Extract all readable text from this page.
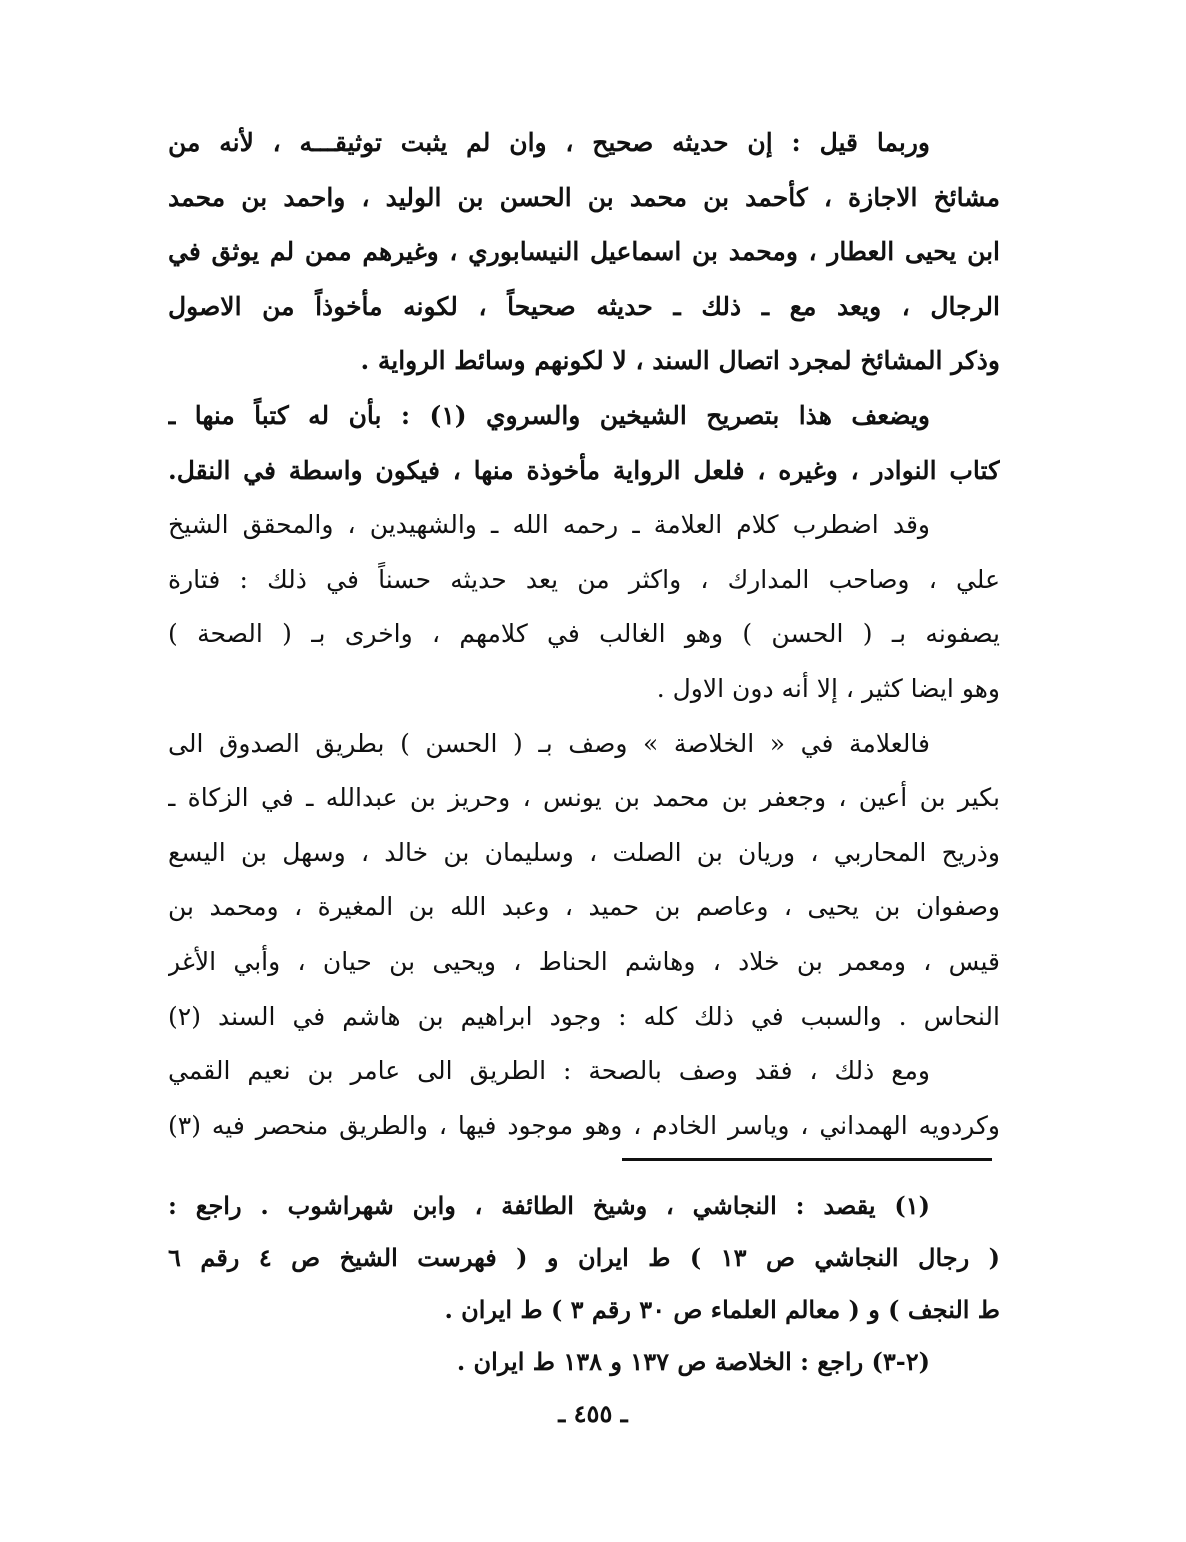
وربما قيل : إن حديثه صحيح ، وان لم يثبت توثيقـــه ، لأنه من
مشائخ الاجازة ، كأحمد بن محمد بن الحسن بن الوليد ، واحمد بن محمد
ابن يحيى العطار ، ومحمد بن اسماعيل النيسابوري ، وغيرهم ممن لم يوثق في
الرجال ، ويعد مع ـ ذلك ـ حديثه صحيحاً ، لكونه مأخوذاً من الاصول
وذكر المشائخ لمجرد اتصال السند ، لا لكونهم وسائط الرواية .
ويضعف هذا بتصريح الشيخين والسروي (١) : بأن له كتباً منها ـ
كتاب النوادر ، وغيره ، فلعل الرواية مأخوذة منها ، فيكون واسطة في النقل.
وقد اضطرب كلام العلامة ـ رحمه الله ـ والشهيدين ، والمحقق الشيخ
علي ، وصاحب المدارك ، واكثر من يعد حديثه حسناً في ذلك : فتارة
يصفونه بـ ( الحسن ) وهو الغالب في كلامهم ، واخرى بـ ( الصحة )
وهو ايضا كثير ، إلا أنه دون الاول .
فالعلامة في « الخلاصة » وصف بـ ( الحسن ) بطريق الصدوق الى
بكير بن أعين ، وجعفر بن محمد بن يونس ، وحريز بن عبدالله ـ في الزكاة ـ
وذريح المحاربي ، وريان بن الصلت ، وسليمان بن خالد ، وسهل بن اليسع
وصفوان بن يحيى ، وعاصم بن حميد ، وعبد الله بن المغيرة ، ومحمد بن
قيس ، ومعمر بن خلاد ، وهاشم الحناط ، ويحيى بن حيان ، وأبي الأغر
النحاس . والسبب في ذلك كله : وجود ابراهيم بن هاشم في السند (٢)
ومع ذلك ، فقد وصف بالصحة : الطريق الى عامر بن نعيم القمي
وكردويه الهمداني ، وياسر الخادم ، وهو موجود فيها ، والطريق منحصر فيه (٣)
(١) يقصد : النجاشي ، وشيخ الطائفة ، وابن شهراشوب . راجع :
( رجال النجاشي ص ١٣ ) ط ايران و ( فهرست الشيخ ص ٤ رقم ٦
ط النجف ) و ( معالم العلماء ص ٣٠ رقم ٣ ) ط ايران .
(٢-٣) راجع : الخلاصة ص ١٣٧ و ١٣٨ ط ايران .
ـ ٤٥٥ ـ
